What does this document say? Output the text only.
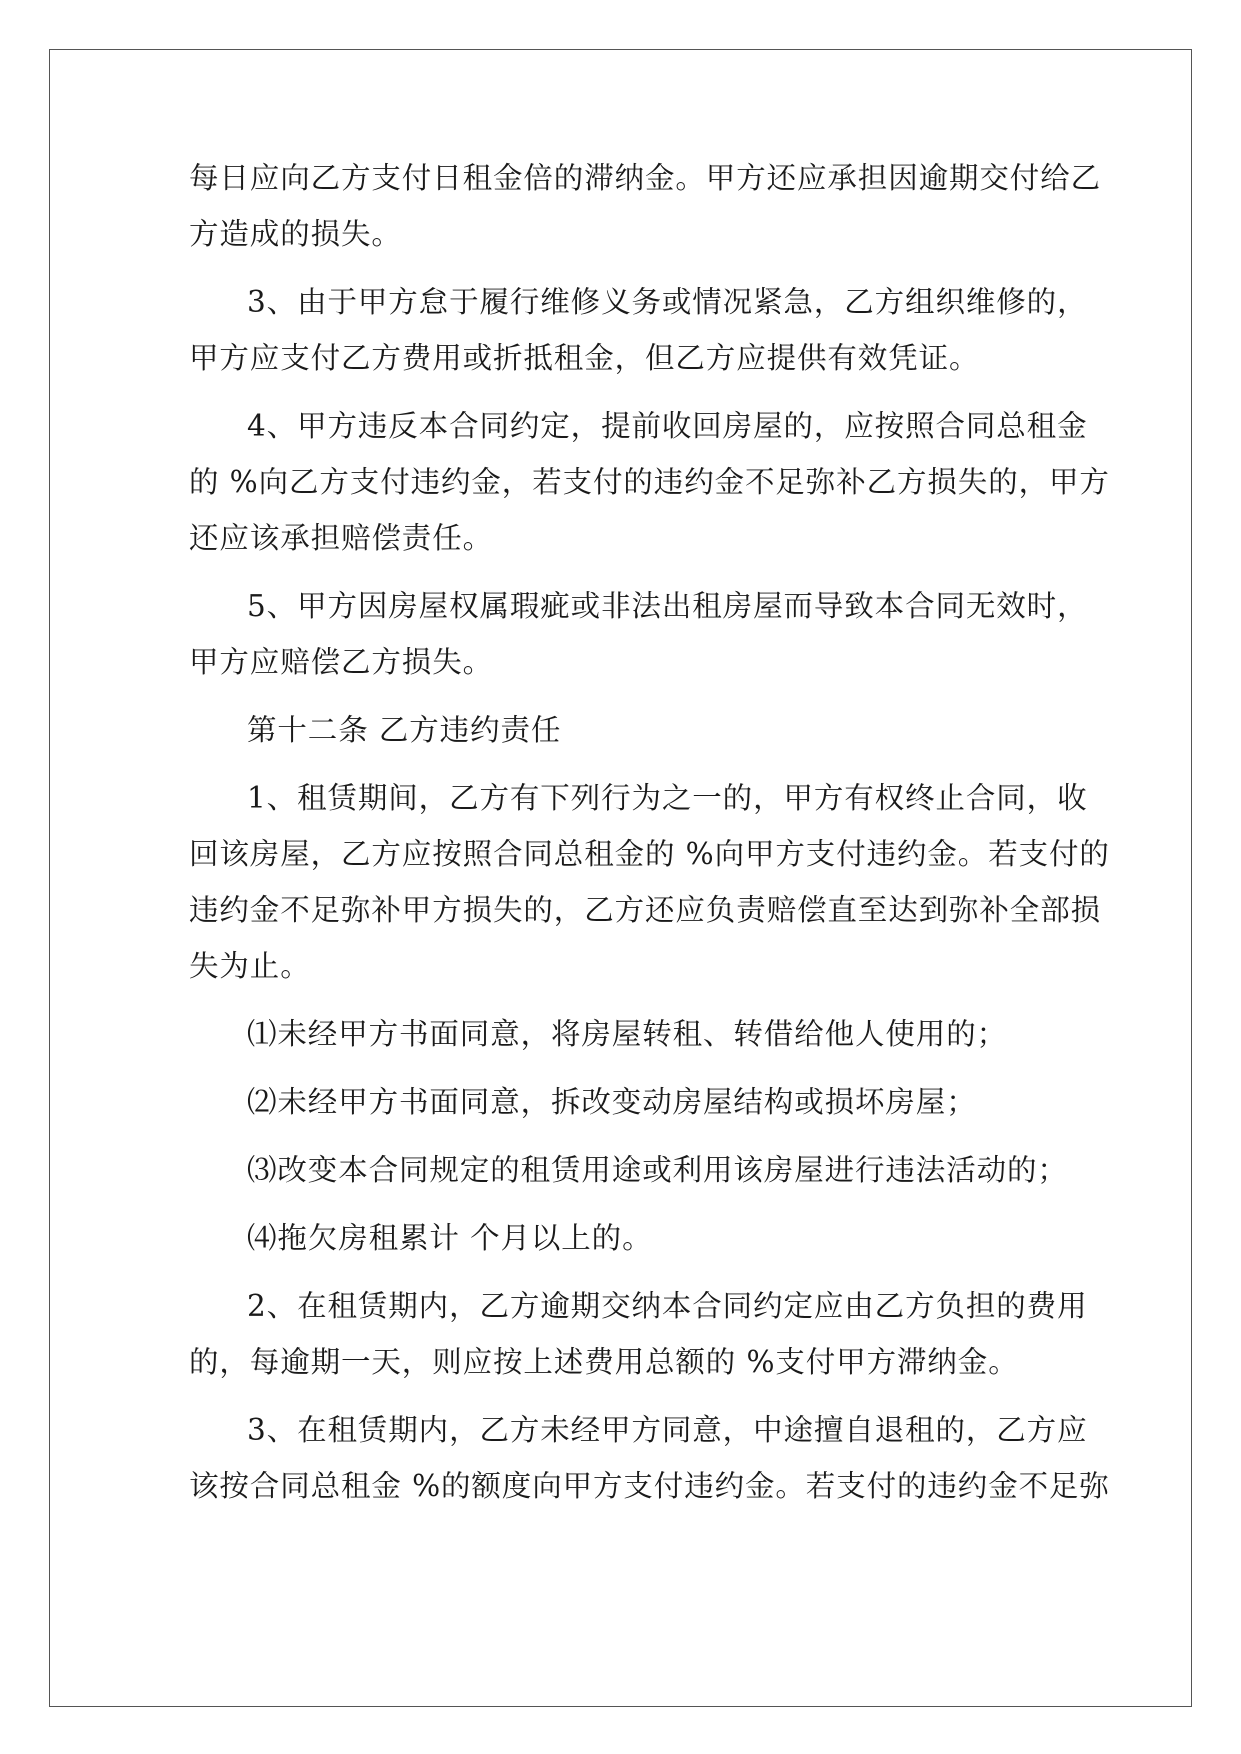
每日应向乙方支付日租金倍的滞纳金。甲方还应承担因逾期交付给乙
方造成的损失。
3、由于甲方怠于履行维修义务或情况紧急，乙方组织维修的，
甲方应支付乙方费用或折抵租金，但乙方应提供有效凭证。
4、甲方违反本合同约定，提前收回房屋的，应按照合同总租金
的 %向乙方支付违约金，若支付的违约金不足弥补乙方损失的，甲方
还应该承担赔偿责任。
5、甲方因房屋权属瑕疵或非法出租房屋而导致本合同无效时，
甲方应赔偿乙方损失。
第十二条 乙方违约责任
1、租赁期间，乙方有下列行为之一的，甲方有权终止合同，收
回该房屋，乙方应按照合同总租金的 %向甲方支付违约金。若支付的
违约金不足弥补甲方损失的，乙方还应负责赔偿直至达到弥补全部损
失为止。
⑴未经甲方书面同意，将房屋转租、转借给他人使用的；
⑵未经甲方书面同意，拆改变动房屋结构或损坏房屋；
⑶改变本合同规定的租赁用途或利用该房屋进行违法活动的；
⑷拖欠房租累计 个月以上的。
2、在租赁期内，乙方逾期交纳本合同约定应由乙方负担的费用
的，每逾期一天，则应按上述费用总额的 %支付甲方滞纳金。
3、在租赁期内，乙方未经甲方同意，中途擅自退租的，乙方应
该按合同总租金 %的额度向甲方支付违约金。若支付的违约金不足弥
